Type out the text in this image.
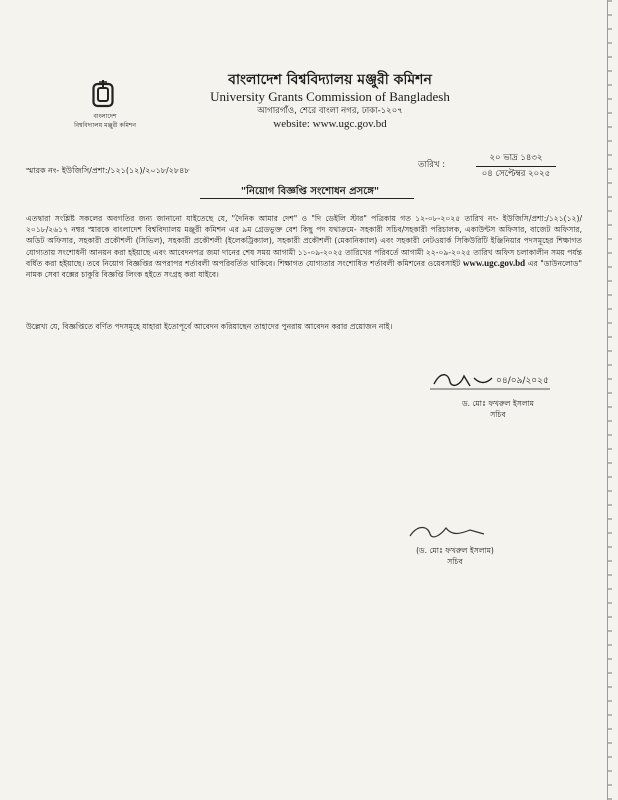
বাংলাদেশ
বিশ্ববিদ্যালয় মঞ্জুরী কমিশন
বাংলাদেশ বিশ্ববিদ্যালয় মঞ্জুরী কমিশন
University Grants Commission of Bangladesh
আগারগাঁও, শেরে বাংলা নগর, ঢাকা-১২০৭
website: www.ugc.gov.bd
স্মারক নং- ইউজিসি/প্রশা:/১২১(১২)/২০১৮/২৮৪৮
তারিখ :
২০ ভাদ্র ১৪৩২
০৪ সেপ্টেম্বর ২০২৫
"নিয়োগ বিজ্ঞপ্তি সংশোধন প্রসঙ্গে"
এতদ্বারা সংশ্লিষ্ট সকলের অবগতির জন্য জানানো যাইতেছে যে, "দৈনিক আমার দেশ" ও "দি ডেইলি স্টার" পত্রিকায় গত ১২-০৮-২০২৫ তারিখ নং- ইউজিসি/প্রশা:/১২১(১২)/২০১৮/২৬১৭ নম্বর স্মারকে বাংলাদেশ বিশ্ববিদ্যালয় মঞ্জুরী কমিশন এর ৯ম গ্রেডভুক্ত বেশ কিছু পদ যথাক্রমে- সহকারী সচিব/সহকারী পরিচালক, একাউন্টস অফিসার, বাজেট অফিসার, অডিট অফিসার, সহকারী প্রকৌশলী (সিভিল), সহকারী প্রকৌশলী (ইলেকট্রিক্যাল), সহকারী প্রকৌশলী (মেকানিক্যাল) এবং সহকারী নেটওয়ার্ক সিকিউরিটি ইঞ্জিনিয়ার পদসমূহের শিক্ষাগত যোগ্যতায় সংশোধনী আনয়ন করা হইয়াছে এবং আবেদনপত্র জমা দানের শেষ সময় আগামী ১১-০৯-২০২৫ তারিখের পরিবর্তে আগামী ২২-০৯-২০২৫ তারিখ অফিস চলাকালীন সময় পর্যন্ত বর্ধিত করা হইয়াছে। তবে নিয়োগ বিজ্ঞপ্তির অপরাপর শর্তাবলী অপরিবর্তিত থাকিবে। শিক্ষাগত যোগ্যতার সংশোধিত শর্তাবলী কমিশনের ওয়েবসাইট www.ugc.gov.bd এর "ডাউনলোড" নামক সেবা বক্সের চাকুরি বিজ্ঞপ্তি লিংক হইতে সংগ্রহ করা যাইবে।
উল্লেখ্য যে, বিজ্ঞপ্তিতে বর্ণিত পদসমূহে যাহারা ইতোপূর্বে আবেদন করিয়াছেন তাহাদের পুনরায় আবেদন করার প্রয়োজন নাই।
০৪/০৯/২০২৫
ড. মোঃ ফখরুল ইসলাম
সচিব
(ড. মোঃ ফখরুল ইসলাম)
সচিব
